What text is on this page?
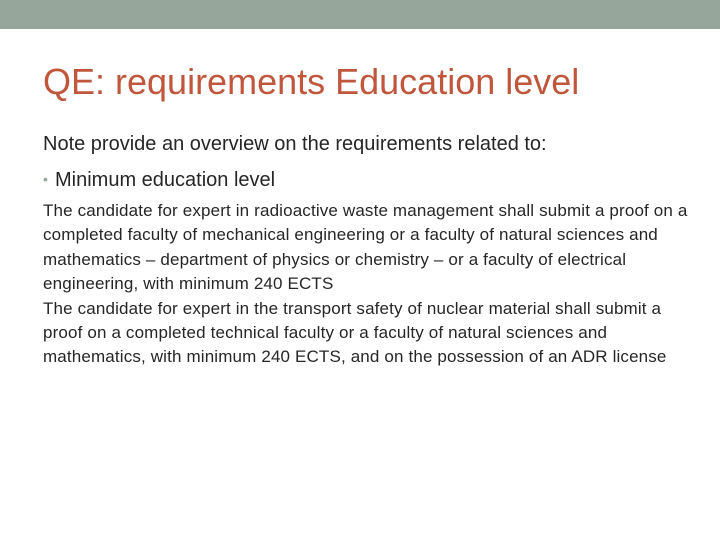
QE: requirements Education level
Note provide an overview on the requirements related to:
• Minimum education level

The candidate for expert in radioactive waste management shall submit a proof on a completed faculty of mechanical engineering or a faculty of natural sciences and mathematics – department of physics or chemistry – or a faculty of electrical engineering, with minimum 240 ECTS

The candidate for expert in the transport safety of nuclear material shall submit a proof on a completed technical faculty or a faculty of natural sciences and mathematics, with minimum 240 ECTS, and on the possession of an ADR license
